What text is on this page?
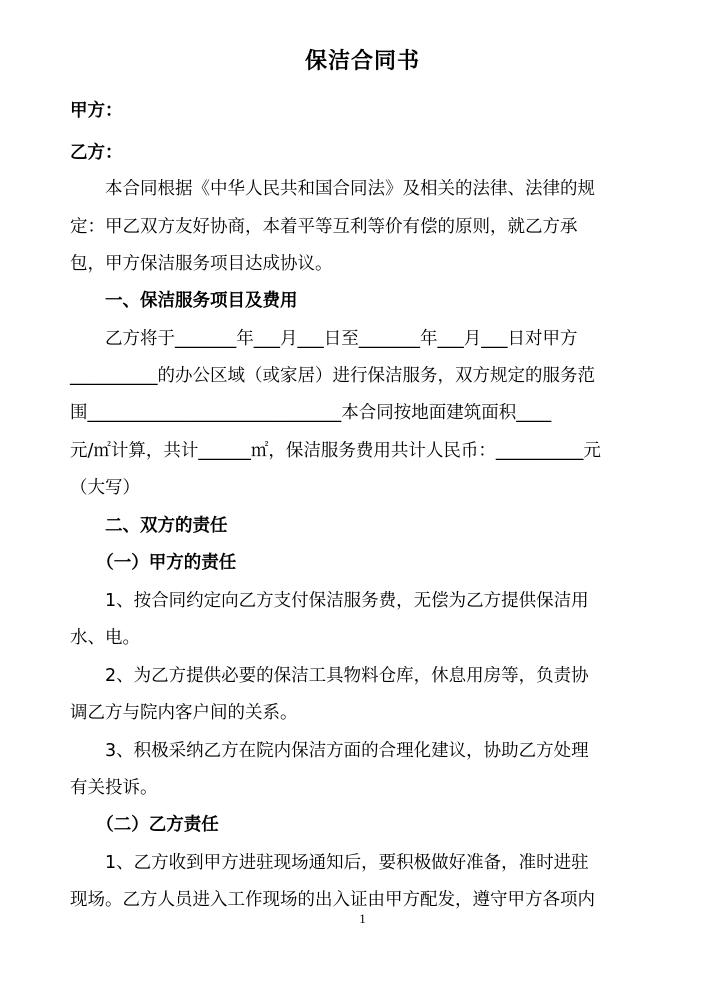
保洁合同书
甲方：
乙方：
　　本合同根据《中华人民共和国合同法》及相关的法律、法律的规
定：甲乙双方友好协商，本着平等互利等价有偿的原则，就乙方承
包，甲方保洁服务项目达成协议。
　　一、保洁服务项目及费用
　　乙方将于_______年___月___日至_______年___月___日对甲方
__________的办公区域（或家居）进行保洁服务，双方规定的服务范
围_____________________________本合同按地面建筑面积____
元/㎡计算，共计______㎡，保洁服务费用共计人民币：__________元
（大写）
　　二、双方的责任
　　（一）甲方的责任
　　1、按合同约定向乙方支付保洁服务费，无偿为乙方提供保洁用
水、电。
　　2、为乙方提供必要的保洁工具物料仓库，休息用房等，负责协
调乙方与院内客户间的关系。
　　3、积极采纳乙方在院内保洁方面的合理化建议，协助乙方处理
有关投诉。
　　（二）乙方责任
　　1、乙方收到甲方进驻现场通知后，要积极做好准备，准时进驻
现场。乙方人员进入工作现场的出入证由甲方配发，遵守甲方各项内
1
